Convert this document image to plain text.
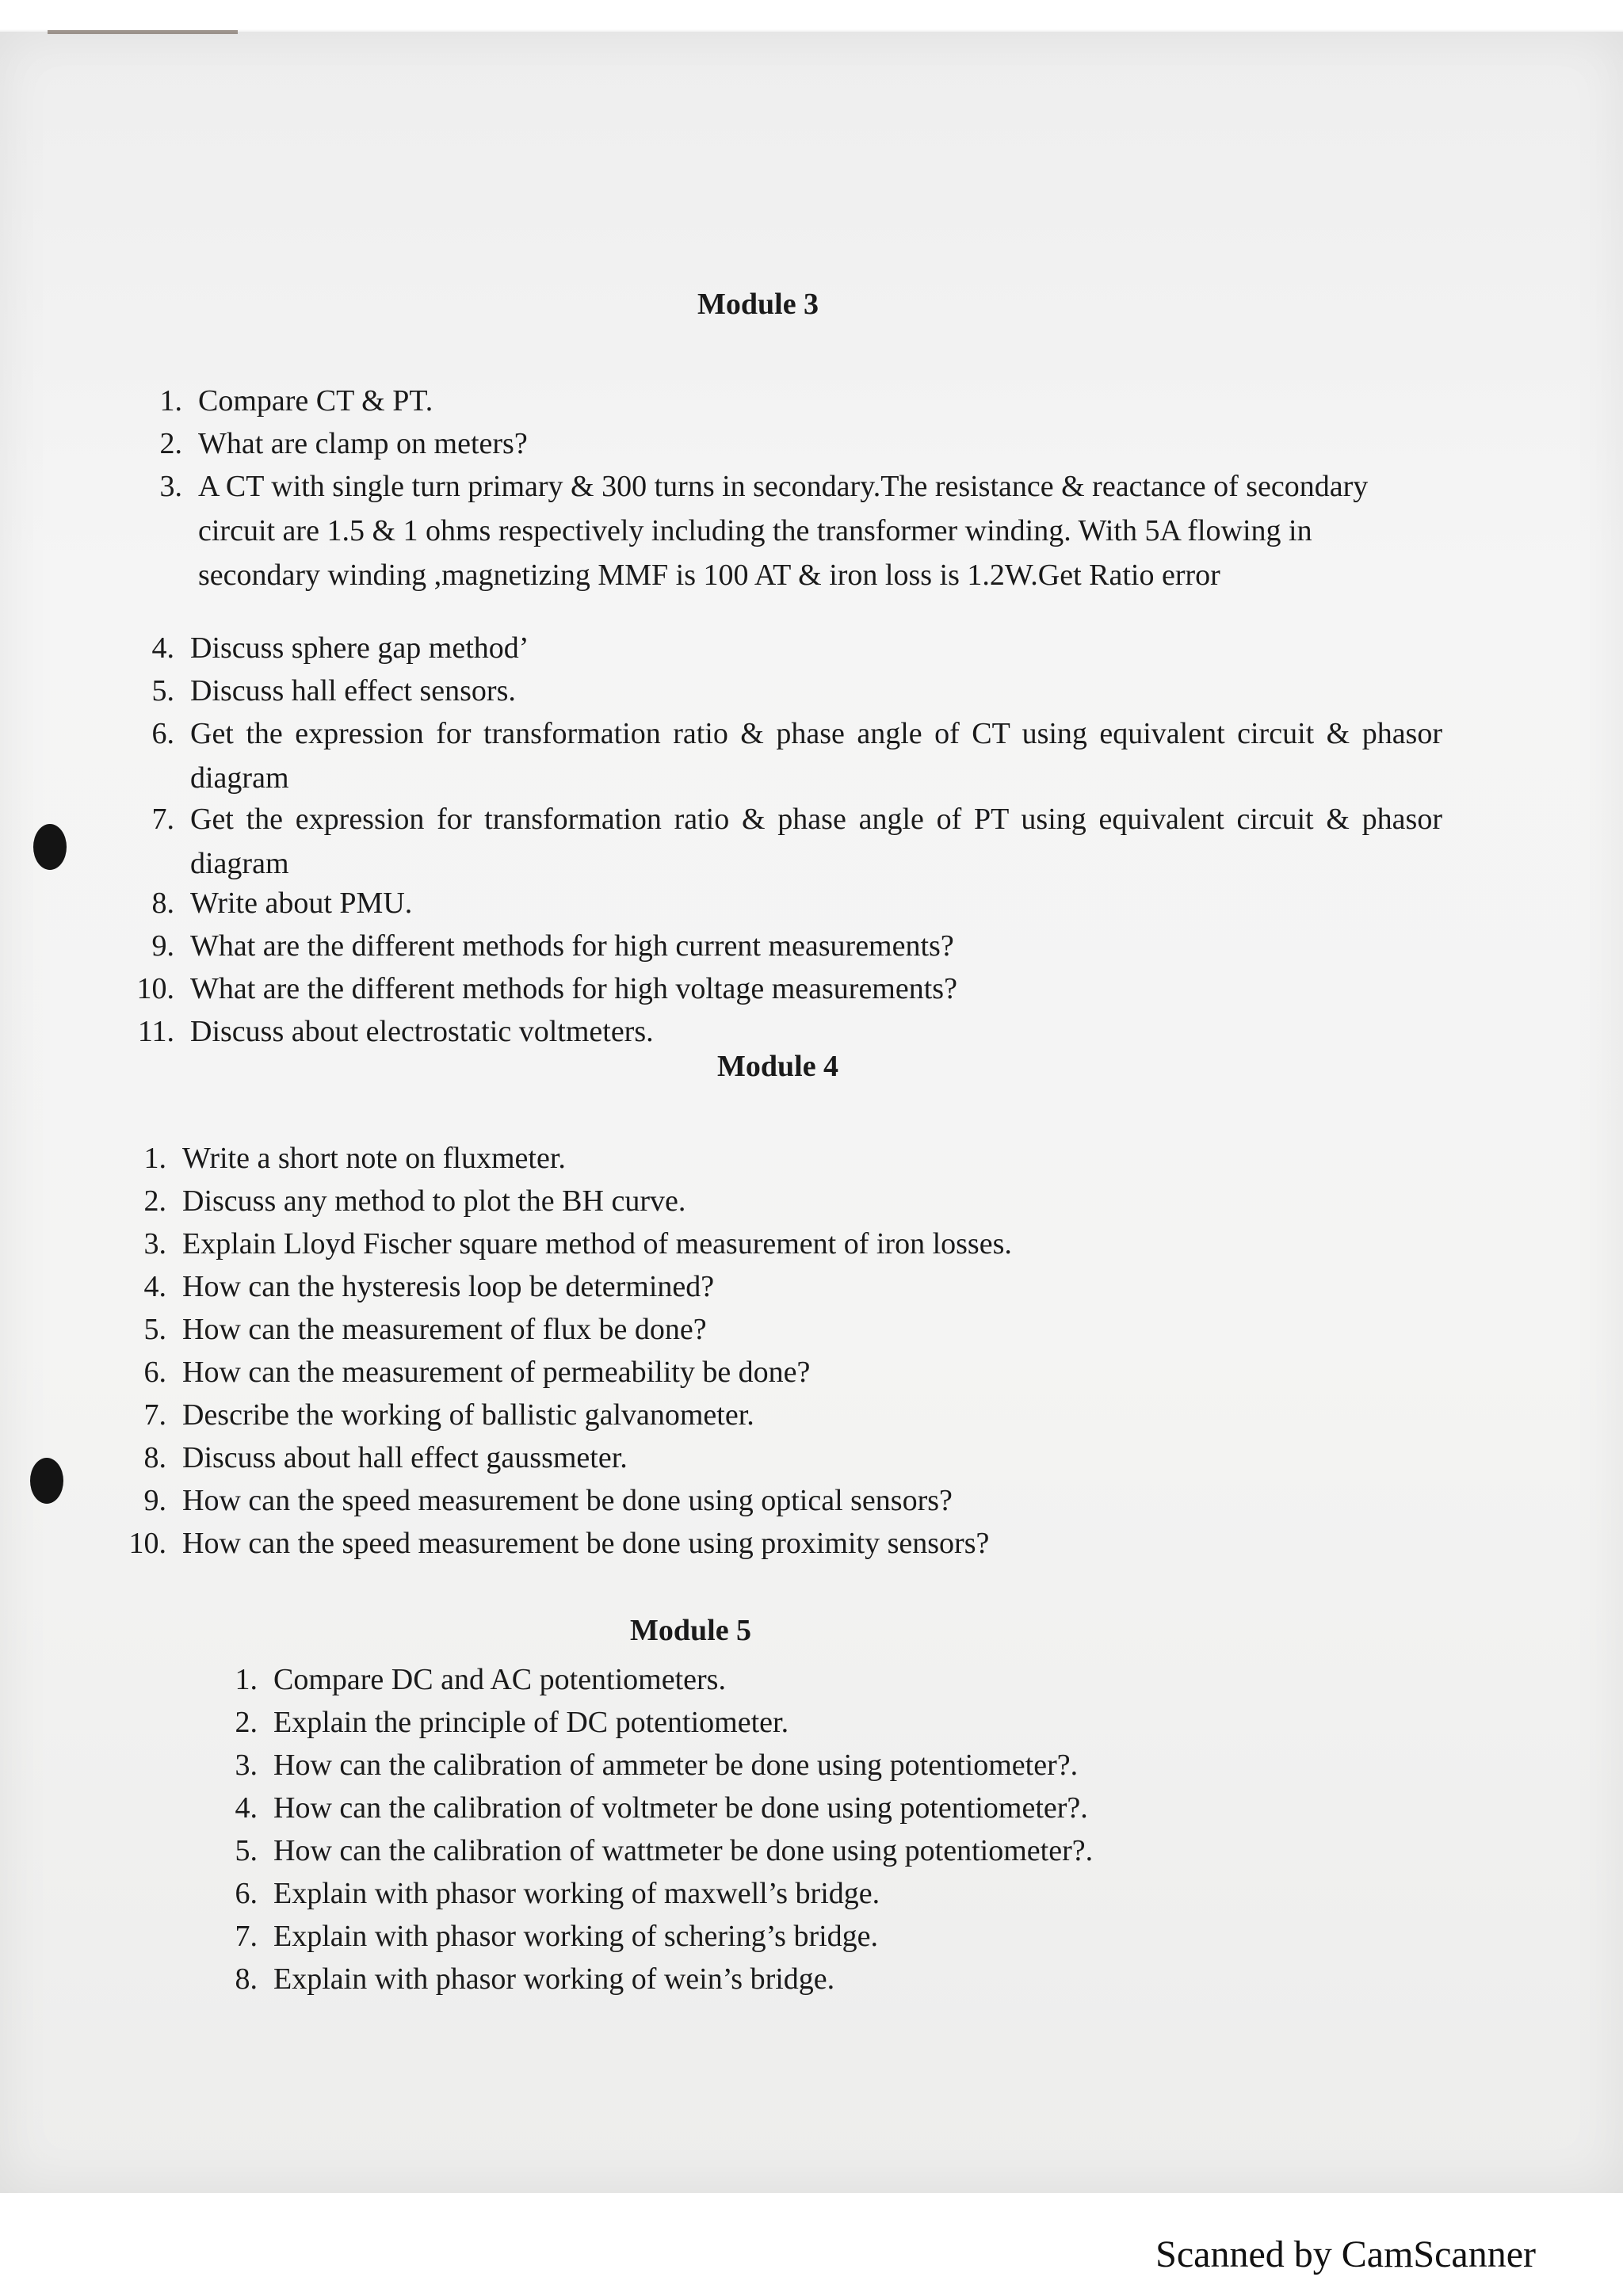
Module 3
1. Compare CT & PT.
2. What are clamp on meters?
3. A CT with single turn primary & 300 turns in secondary.The resistance & reactance of secondary circuit are 1.5 & 1 ohms respectively including the transformer winding. With 5A flowing in secondary winding ,magnetizing MMF is 100 AT & iron loss is 1.2W.Get Ratio error
4. Discuss sphere gap method’
5. Discuss hall effect sensors.
6. Get the expression for transformation ratio & phase angle of CT using equivalent circuit & phasor diagram
7. Get the expression for transformation ratio & phase angle of PT using equivalent circuit & phasor diagram
8. Write about PMU.
9. What are the different methods for high current measurements?
10. What are the different methods for high voltage measurements?
11. Discuss about electrostatic voltmeters.
Module 4
1. Write a short note on fluxmeter.
2. Discuss any method to plot the BH curve.
3. Explain Lloyd Fischer square method of measurement of iron losses.
4. How can the hysteresis loop be determined?
5. How can the measurement of flux be done?
6. How can the measurement of permeability be done?
7. Describe the working of ballistic galvanometer.
8. Discuss about hall effect gaussmeter.
9. How can the speed measurement be done using optical sensors?
10. How can the speed measurement be done using proximity sensors?
Module 5
1. Compare DC and AC potentiometers.
2. Explain the principle of DC potentiometer.
3. How can the calibration of ammeter be done using potentiometer?.
4. How can the calibration of voltmeter be done using potentiometer?.
5. How can the calibration of wattmeter be done using potentiometer?.
6. Explain with phasor working of maxwell’s bridge.
7. Explain with phasor working of schering’s bridge.
8. Explain with phasor working of wein’s bridge.
Scanned by CamScanner
